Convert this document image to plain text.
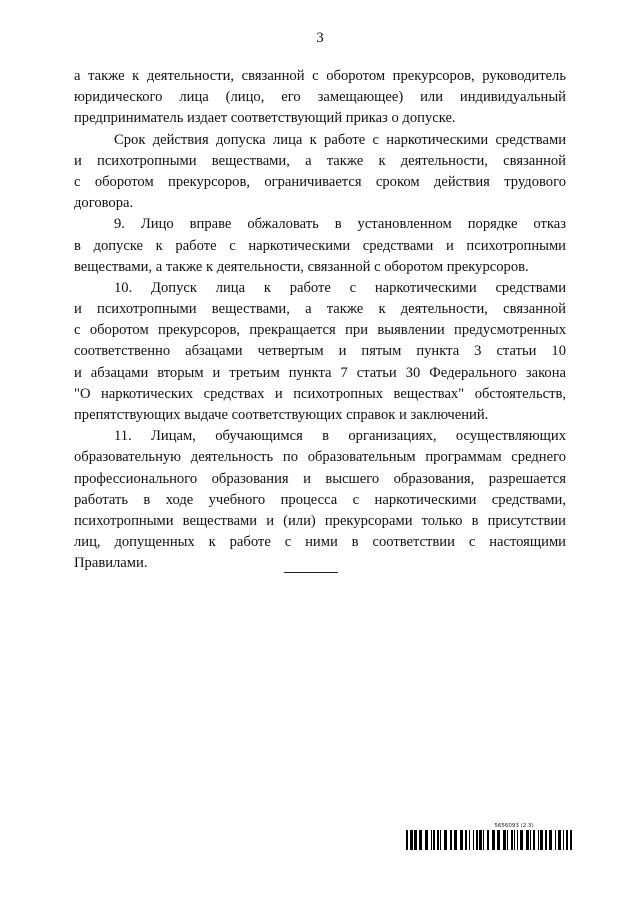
3
а также к деятельности, связанной с оборотом прекурсоров, руководитель
юридического лица (лицо, его замещающее) или индивидуальный
предприниматель издает соответствующий приказ о допуске.
Срок действия допуска лица к работе с наркотическими средствами
и психотропными веществами, а также к деятельности, связанной
с оборотом прекурсоров, ограничивается сроком действия трудового
договора.
9. Лицо вправе обжаловать в установленном порядке отказ
в допуске к работе с наркотическими средствами и психотропными
веществами, а также к деятельности, связанной с оборотом прекурсоров.
10. Допуск лица к работе с наркотическими средствами
и психотропными веществами, а также к деятельности, связанной
с оборотом прекурсоров, прекращается при выявлении предусмотренных
соответственно абзацами четвертым и пятым пункта 3 статьи 10
и абзацами вторым и третьим пункта 7 статьи 30 Федерального закона
"О наркотических средствах и психотропных веществах" обстоятельств,
препятствующих выдаче соответствующих справок и заключений.
11. Лицам, обучающимся в организациях, осуществляющих
образовательную деятельность по образовательным программам среднего
профессионального образования и высшего образования, разрешается
работать в ходе учебного процесса с наркотическими средствами,
психотропными веществами и (или) прекурсорами только в присутствии
лиц, допущенных к работе с ними в соответствии с настоящими
Правилами.
5656093 (2.3)
